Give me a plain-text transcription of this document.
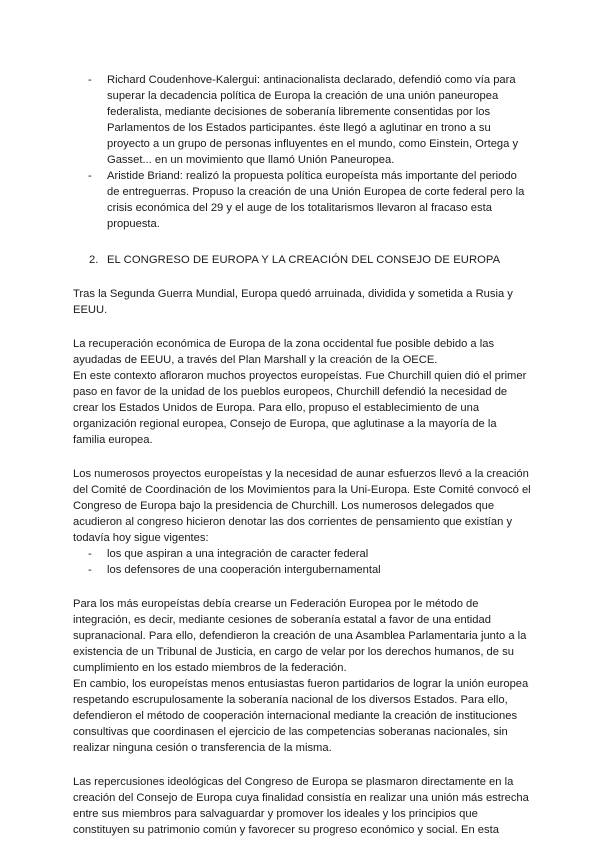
- Richard Coudenhove-Kalergui: antinacionalista declarado, defendió como vía para superar la decadencia política de Europa la creación de una unión paneuropea federalista, mediante decisiones de soberanía libremente consentidas por los Parlamentos de los Estados participantes. éste llegó a aglutinar en trono a su proyecto a un grupo de personas influyentes en el mundo, como Einstein, Ortega y Gasset... en un movimiento que llamó Unión Paneuropea.
- Aristide Briand: realizó la propuesta política europeísta más importante del periodo de entreguerras. Propuso la creación de una Unión Europea de corte federal pero la crisis económica del 29 y el auge de los totalitarismos llevaron al fracaso esta propuesta.
2. EL CONGRESO DE EUROPA Y LA CREACIÓN DEL CONSEJO DE EUROPA

Tras la Segunda Guerra Mundial, Europa quedó arruinada, dividida y sometida a Rusia y EEUU.

La recuperación económica de Europa de la zona occidental fue posible debido a las ayudadas de EEUU, a través del Plan Marshall y la creación de la OECE.

En este contexto afloraron muchos proyectos europeístas. Fue Churchill quien dió el primer paso en favor de la unidad de los pueblos europeos, Churchill defendió la necesidad de crear los Estados Unidos de Europa. Para ello, propuso el establecimiento de una organización regional europea, Consejo de Europa, que aglutinase a la mayoría de la familia europea.

Los numerosos proyectos europeístas y la necesidad de aunar esfuerzos llevó a la creación del Comité de Coordinación de los Movimientos para la Uni-Europa. Este Comité convocó el Congreso de Europa bajo la presidencia de Churchill. Los numerosos delegados que acudieron al congreso hicieron denotar las dos corrientes de pensamiento que existían y todavía hoy sigue vigentes:

- los que aspiran a una integración de caracter federal
- los defensores de una cooperación intergubernamental

Para los más europeístas debía crearse un Federación Europea por le método de integración, es decir, mediante cesiones de soberanía estatal a favor de una entidad supranacional. Para ello, defendieron la creación de una Asamblea Parlamentaria junto a la existencia de un Tribunal de Justicia, en cargo de velar por los derechos humanos, de su cumplimiento en los estado miembros de la federación.

En cambio, los europeístas menos entusiastas fueron partidarios de lograr la unión europea respetando escrupulosamente la soberanía nacional de los diversos Estados. Para ello, defendieron el método de cooperación internacional mediante la creación de instituciones consultivas que coordinasen el ejercicio de las competencias soberanas nacionales, sin realizar ninguna cesión o transferencia de la misma.

Las repercusiones ideológicas del Congreso de Europa se plasmaron directamente en la creación del Consejo de Europa cuya finalidad consistía en realizar una unión más estrecha entre sus miembros para salvaguardar y promover los ideales y los principios que constituyen su patrimonio común y favorecer su progreso económico y social. En esta
